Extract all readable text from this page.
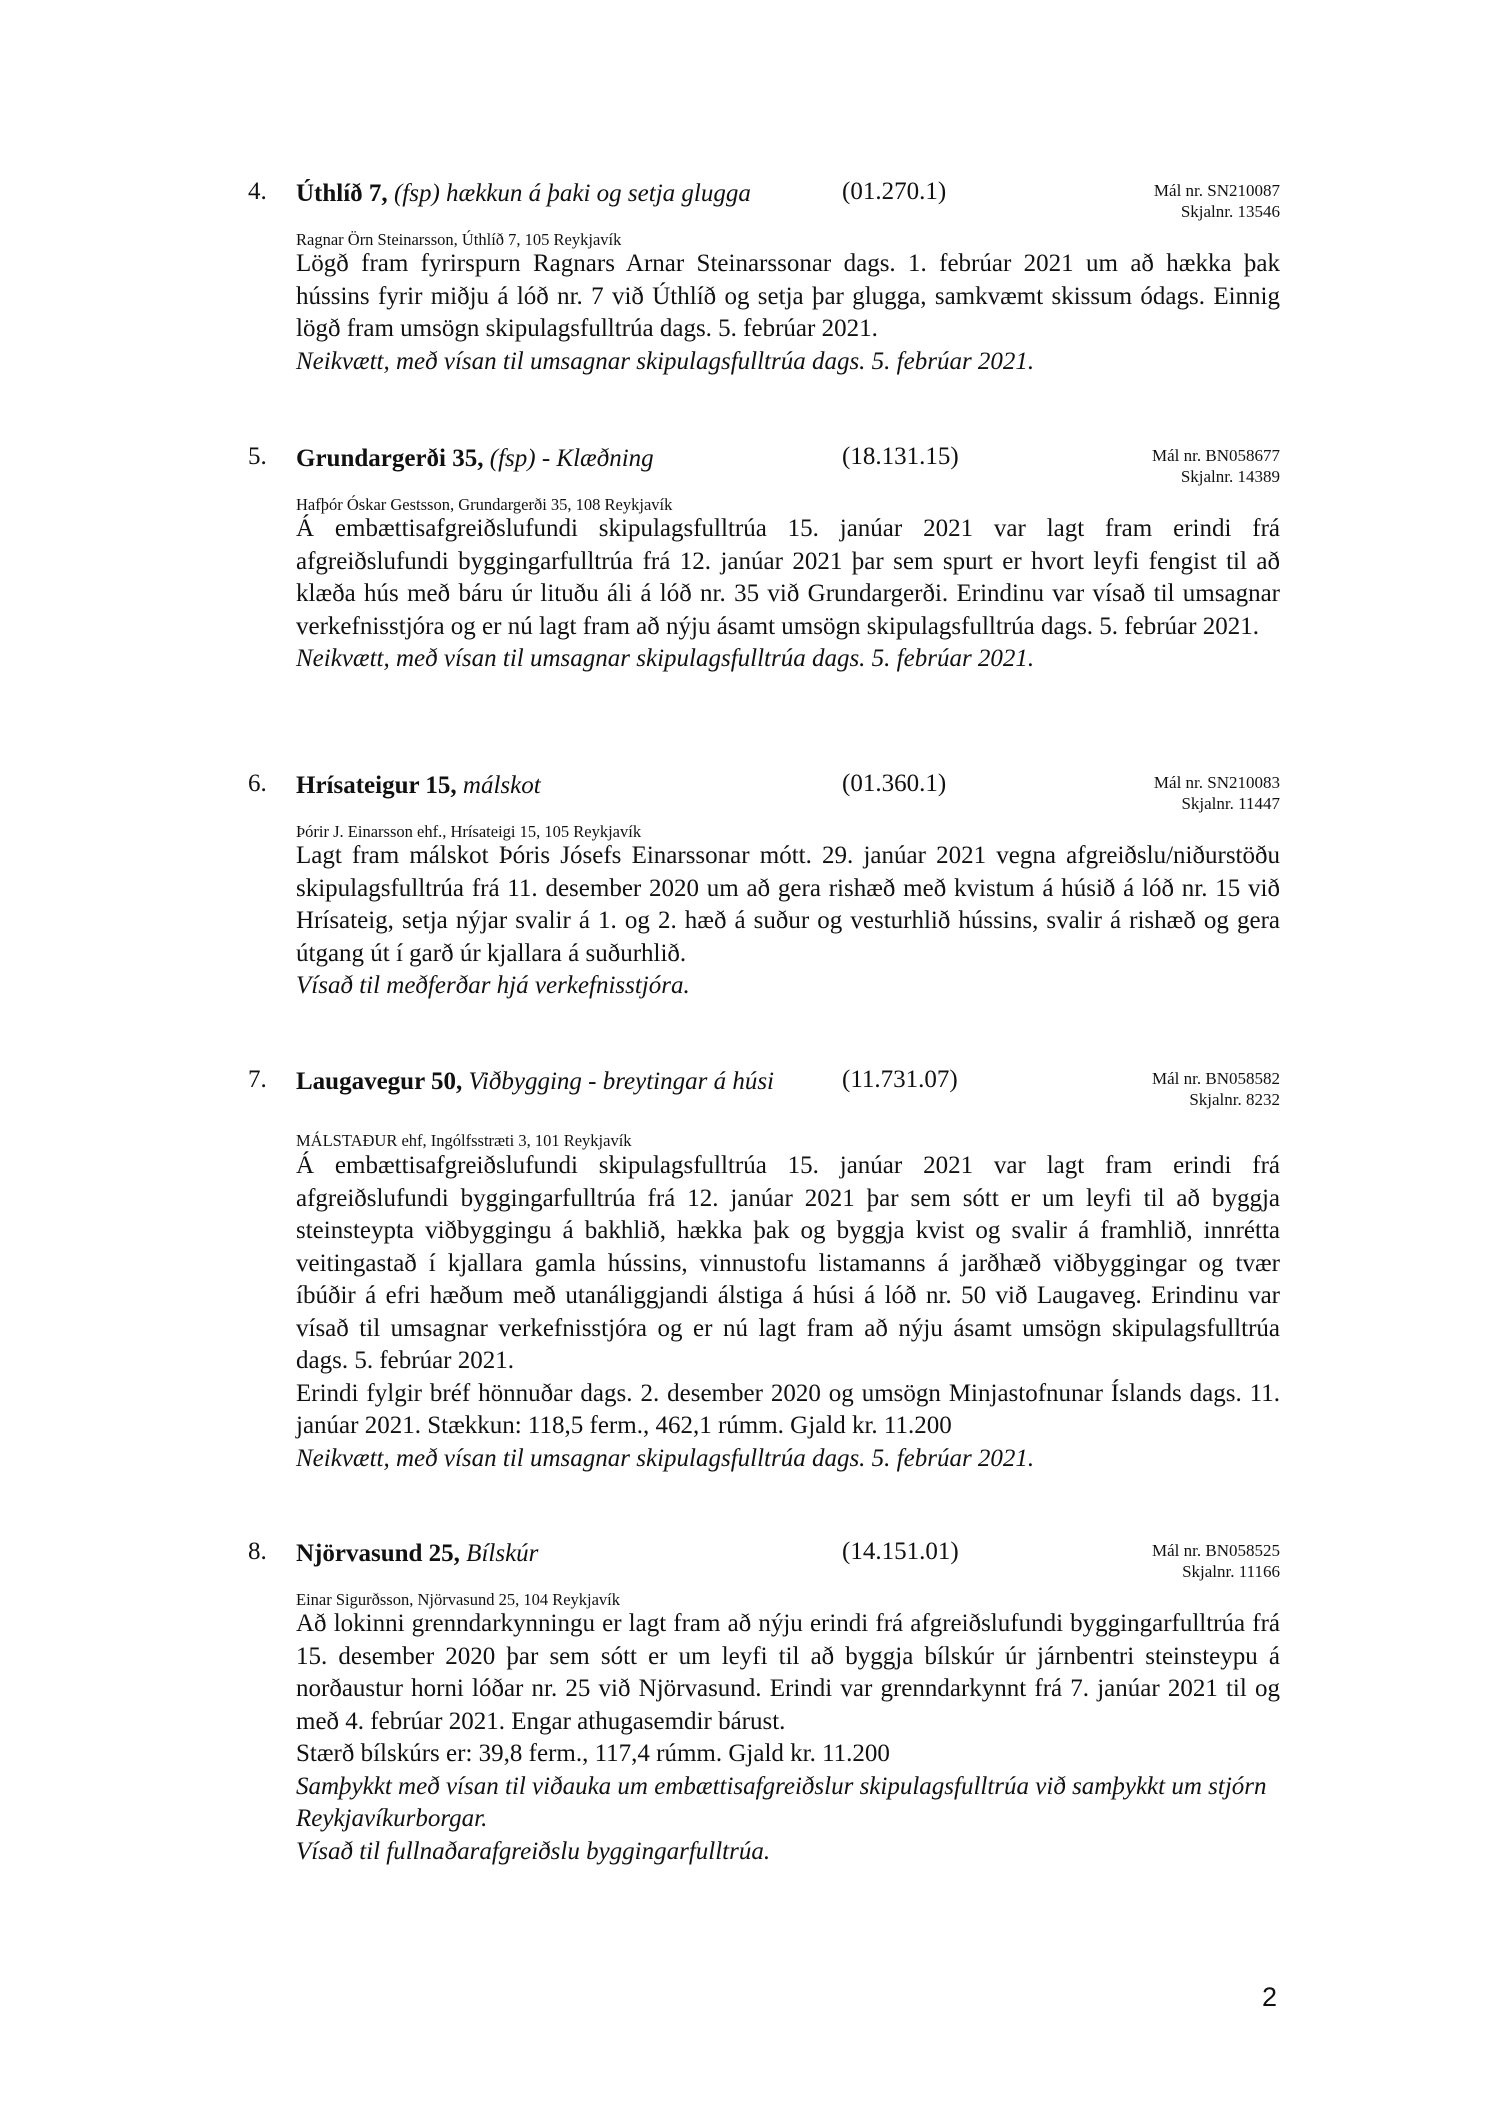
4. Úthlíð 7, (fsp) hækkun á þaki og setja glugga	(01.270.1)	Mál nr. SN210087
Skjalnr. 13546
Ragnar Örn Steinarsson, Úthlíð 7, 105 Reykjavík

Lögð fram fyrirspurn Ragnars Arnar Steinarssonar dags. 1. febrúar 2021 um að hækka þak hússins fyrir miðju á lóð nr. 7 við Úthlíð og setja þar glugga, samkvæmt skissum ódags. Einnig lögð fram umsögn skipulagsfulltrúa dags. 5. febrúar 2021.

Neikvætt, með vísan til umsagnar skipulagsfulltrúa dags. 5. febrúar 2021.

5. Grundargerði 35, (fsp) - Klæðning	(18.131.15)	Mál nr. BN058677
Skjalnr. 14389
Hafþór Óskar Gestsson, Grundargerði 35, 108 Reykjavík

Á embættisafgreiðslufundi skipulagsfulltrúa 15. janúar 2021 var lagt fram erindi frá afgreiðslufundi byggingarfulltrúa frá 12. janúar 2021 þar sem spurt er hvort leyfi fengist til að klæða hús með báru úr lituðu áli á lóð nr. 35 við Grundargerði. Erindinu var vísað til umsagnar verkefnisstjóra og er nú lagt fram að nýju ásamt umsögn skipulagsfulltrúa dags. 5. febrúar 2021.

Neikvætt, með vísan til umsagnar skipulagsfulltrúa dags. 5. febrúar 2021.

6. Hrísateigur 15, málskot	(01.360.1)	Mál nr. SN210083
Skjalnr. 11447
Þórir J. Einarsson ehf., Hrísateigi 15, 105 Reykjavík

Lagt fram málskot Þóris Jósefs Einarssonar mótt. 29. janúar 2021 vegna afgreiðslu/niðurstöðu skipulagsfulltrúa frá 11. desember 2020 um að gera rishæð með kvistum á húsið á lóð nr. 15 við Hrísateig, setja nýjar svalir á 1. og 2. hæð á suður og vesturhlið hússins, svalir á rishæð og gera útgang út í garð úr kjallara á suðurhlið.

Vísað til meðferðar hjá verkefnisstjóra.

7. Laugavegur 50, Viðbygging - breytingar á húsi	(11.731.07)	Mál nr. BN058582
Skjalnr. 8232
MÁLSTAÐUR ehf, Ingólfsstræti 3, 101 Reykjavík

Á embættisafgreiðslufundi skipulagsfulltrúa 15. janúar 2021 var lagt fram erindi frá afgreiðslufundi byggingarfulltrúa frá 12. janúar 2021 þar sem sótt er um leyfi til að byggja steinsteypta viðbyggingu á bakhlið, hækka þak og byggja kvist og svalir á framhlið, innrétta veitingastað í kjallara gamla hússins, vinnustofu listamanns á jarðhæð viðbyggingar og tvær íbúðir á efri hæðum með utanáliggjandi álstiga á húsi á lóð nr. 50 við Laugaveg. Erindinu var vísað til umsagnar verkefnisstjóra og er nú lagt fram að nýju ásamt umsögn skipulagsfulltrúa dags. 5. febrúar 2021.

Erindi fylgir bréf hönnuðar dags. 2. desember 2020 og umsögn Minjastofnunar Íslands dags. 11. janúar 2021. Stækkun: 118,5 ferm., 462,1 rúmm. Gjald kr. 11.200

Neikvætt, með vísan til umsagnar skipulagsfulltrúa dags. 5. febrúar 2021.

8. Njörvasund 25, Bílskúr	(14.151.01)	Mál nr. BN058525
Skjalnr. 11166
Einar Sigurðsson, Njörvasund 25, 104 Reykjavík

Að lokinni grenndarkynningu er lagt fram að nýju erindi frá afgreiðslufundi byggingarfulltrúa frá 15. desember 2020 þar sem sótt er um leyfi til að byggja bílskúr úr járnbentri steinsteypu á norðaustur horni lóðar nr. 25 við Njörvasund. Erindi var grenndarkynnt frá 7. janúar 2021 til og með 4. febrúar 2021. Engar athugasemdir bárust.

Stærð bílskúrs er: 39,8 ferm., 117,4 rúmm. Gjald kr. 11.200

Samþykkt með vísan til viðauka um embættisafgreiðslur skipulagsfulltrúa við samþykkt um stjórn Reykjavíkurborgar.

Vísað til fullnaðarafgreiðslu byggingarfulltrúa.

2
